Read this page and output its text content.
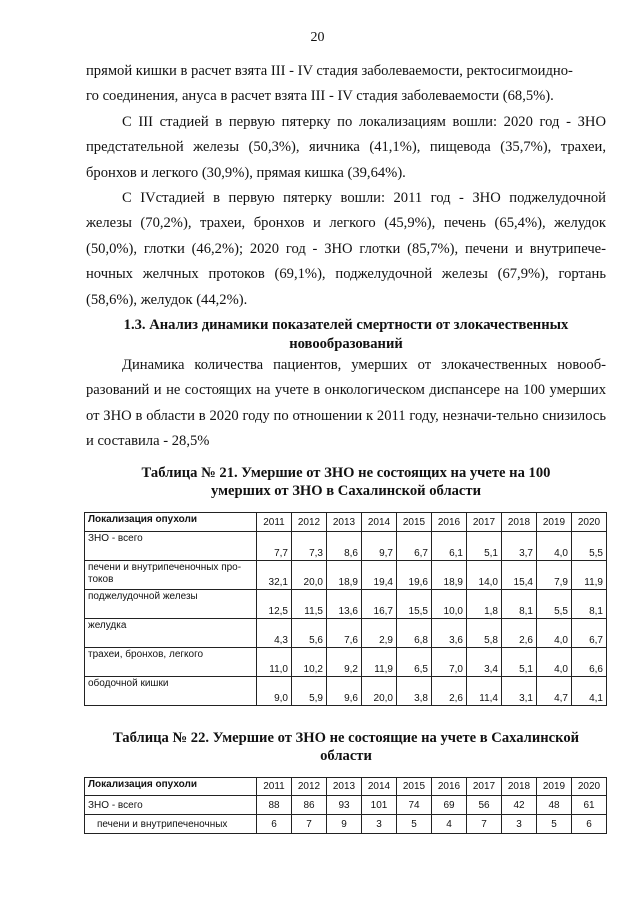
20

прямой кишки в расчет взята III - IV стадия заболеваемости, ректосигмоидно-

го соединения, ануса в расчет взята III - IV стадия заболеваемости (68,5%).

С III стадией в первую пятерку по локализациям вошли: 2020 год - ЗНО предстательной железы (50,3%), яичника (41,1%), пищевода (35,7%), трахеи, бронхов и легкого (30,9%), прямая кишка (39,64%).

С IVстадией в первую пятерку вошли: 2011 год - ЗНО поджелудочной железы (70,2%), трахеи, бронхов и легкого (45,9%), печень (65,4%), желудок (50,0%), глотки (46,2%); 2020 год - ЗНО глотки (85,7%), печени и внутрипече-ночных желчных протоков (69,1%), поджелудочной железы (67,9%), гортань (58,6%), желудок (44,2%).

1.3. Анализ динамики показателей смертности от злокачественных
новообразований

Динамика количества пациентов, умерших от злокачественных новооб-разований и не состоящих на учете в онкологическом диспансере на 100 умерших от ЗНО в области в 2020 году по отношении к 2011 году, незначи-тельно снизилось и составила - 28,5%

Таблица № 21. Умершие от ЗНО не состоящих на учете на 100
умерших от ЗНО в Сахалинской области
Локализация опухоли	2011	2012	2013	2014	2015	2016	2017	2018	2019	2020
ЗНО - всего	7,7	7,3	8,6	9,7	6,7	6,1	5,1	3,7	4,0	5,5
печени и внутрипеченочных про-токов	32,1	20,0	18,9	19,4	19,6	18,9	14,0	15,4	7,9	11,9
поджелудочной железы	12,5	11,5	13,6	16,7	15,5	10,0	1,8	8,1	5,5	8,1
желудка	4,3	5,6	7,6	2,9	6,8	3,6	5,8	2,6	4,0	6,7
трахеи, бронхов, легкого	11,0	10,2	9,2	11,9	6,5	7,0	3,4	5,1	4,0	6,6
ободочной кишки	9,0	5,9	9,6	20,0	3,8	2,6	11,4	3,1	4,7	4,1
Таблица № 22. Умершие от ЗНО не состоящие на учете в Сахалинской
области
Локализация опухоли	2011	2012	2013	2014	2015	2016	2017	2018	2019	2020
ЗНО - всего	88	86	93	101	74	69	56	42	48	61
печени и внутрипеченочных	6	7	9	3	5	4	7	3	5	6
